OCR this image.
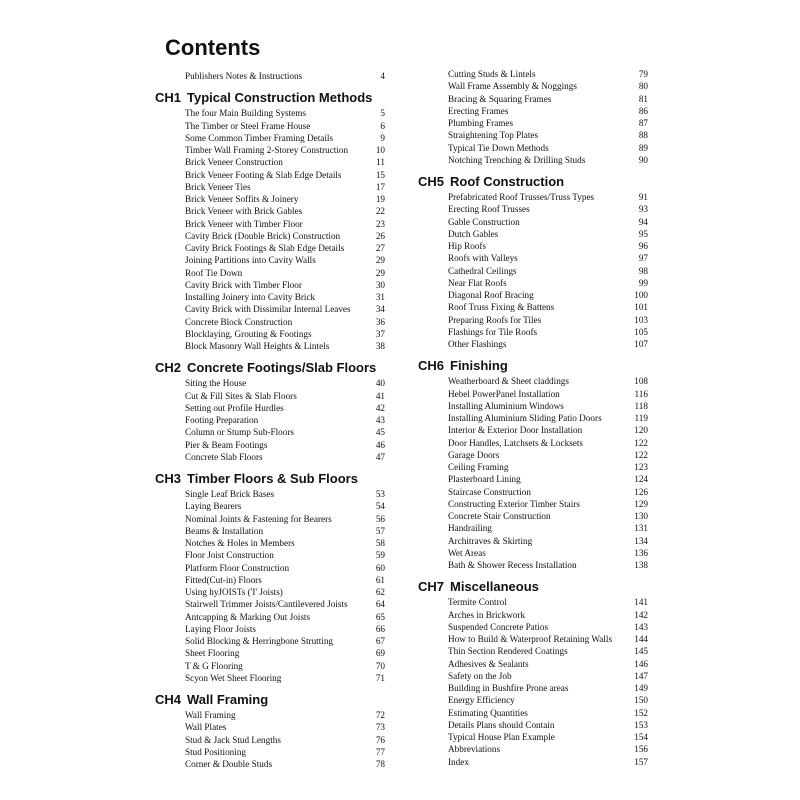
Contents
Publishers Notes & Instructions	4
CH1 Typical Construction Methods
The four Main Building Systems	5
The Timber or Steel Frame House	6
Some Common Timber Framing Details	9
Timber Wall Framing 2-Storey Construction	10
Brick Veneer Construction	11
Brick Veneer Footing & Slab Edge Details	15
Brick Veneer Ties	17
Brick Veneer Soffits & Joinery	19
Brick Veneer with Brick Gables	22
Brick Veneer with Timber Floor	23
Cavity Brick (Double Brick) Construction	26
Cavity Brick Footings & Slab Edge Details	27
Joining Partitions into Cavity Walls	29
Roof Tie Down	29
Cavity Brick with Timber Floor	30
Installing Joinery into Cavity Brick	31
Cavity Brick with Dissimilar Internal Leaves	34
Concrete Block Construction	36
Blocklaying, Grouting & Footings	37
Block Masonry Wall Heights & Lintels	38
CH2 Concrete Footings/Slab Floors
Siting the House	40
Cut & Fill Sites & Slab Floors	41
Setting out Profile Hurdles	42
Footing Preparation	43
Column or Stump Sub-Floors	45
Pier & Beam Footings	46
Concrete Slab Floors	47
CH3 Timber Floors & Sub Floors
Single Leaf Brick Bases	53
Laying Bearers	54
Nominal Joints & Fastening for Bearers	56
Beams & Installation	57
Notches & Holes in Members	58
Floor Joist Construction	59
Platform Floor Construction	60
Fitted(Cut-in) Floors	61
Using hyJOISTs ('I' Joists)	62
Stairwell Trimmer Joists/Cantilevered Joists	64
Antcapping & Marking Out Joists	65
Laying Floor Joists	66
Solid Blocking & Herringbone Strutting	67
Sheet Flooring	69
T & G Flooring	70
Scyon Wet Sheet Flooring	71
CH4 Wall Framing
Wall Framing	72
Wall Plates	73
Stud & Jack Stud Lengths	76
Stud Positioning	77
Corner & Double Studs	78
Cutting Studs & Lintels	79
Wall Frame Assembly & Noggings	80
Bracing & Squaring Frames	81
Erecting Frames	86
Plumbing Frames	87
Straightening Top Plates	88
Typical Tie Down Methods	89
Notching Trenching & Drilling Studs	90
CH5 Roof Construction
Prefabricated Roof Trusses/Truss Types	91
Erecting Roof Trusses	93
Gable Construction	94
Dutch Gables	95
Hip Roofs	96
Roofs with Valleys	97
Cathedral Ceilings	98
Near Flat Roofs	99
Diagonal Roof Bracing	100
Roof Truss Fixing & Battens	101
Preparing Roofs for Tiles	103
Flashings for Tile Roofs	105
Other Flashings	107
CH6 Finishing
Weatherboard & Sheet claddings	108
Hebel PowerPanel Installation	116
Installing Aluminium Windows	118
Installing Aluminium Sliding Patio Doors	119
Interior & Exterior Door Installation	120
Door Handles, Latchsets & Locksets	122
Garage Doors	122
Ceiling Framing	123
Plasterboard Lining	124
Staircase Construction	126
Constructing Exterior Timber Stairs	129
Concrete Stair Construction	130
Handrailing	131
Architraves & Skirting	134
Wet Areas	136
Bath & Shower Recess Installation	138
CH7 Miscellaneous
Termite Control	141
Arches in Brickwork	142
Suspended Concrete Patios	143
How to Build & Waterproof Retaining Walls 144
Thin Section Rendered Coatings	145
Adhesives & Sealants	146
Safety on the Job	147
Building in Bushfire Prone areas	149
Energy Efficiency	150
Estimating Quantities	152
Details Plans should Contain	153
Typical House Plan Example	154
Abbreviations	156
Index	157
